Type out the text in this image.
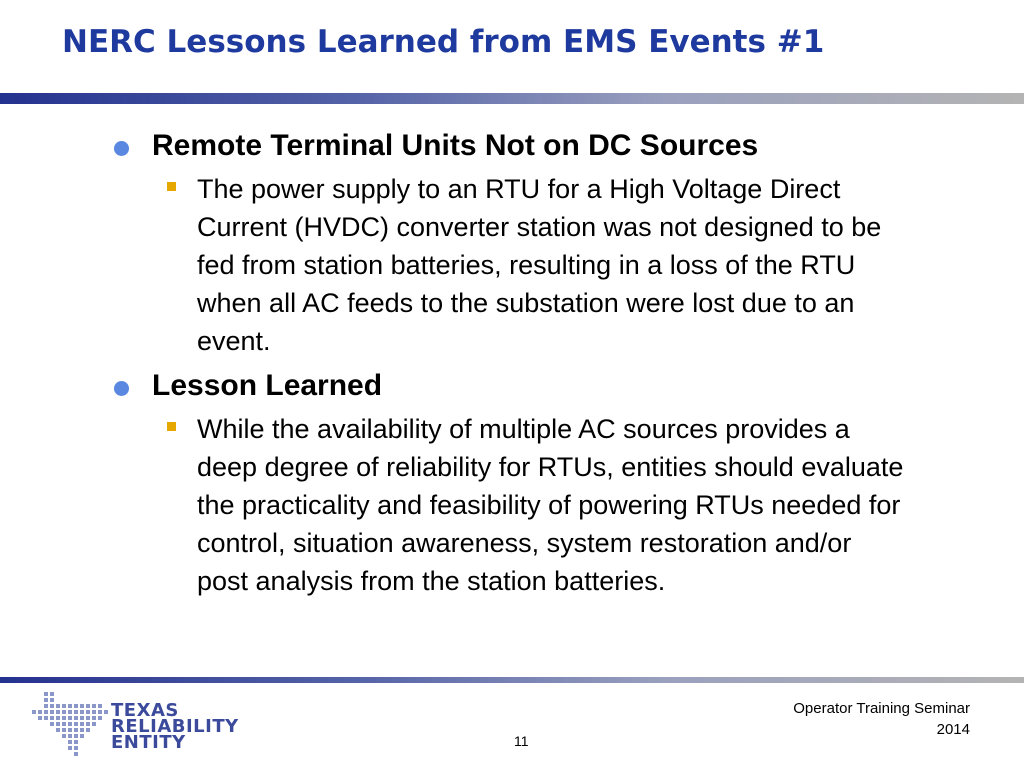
NERC Lessons Learned from EMS Events #1
Remote Terminal Units Not on DC Sources
The power supply to an RTU for a High Voltage Direct Current (HVDC) converter station was not designed to be fed from station batteries, resulting in a loss of the RTU when all AC feeds to the substation were lost due to an event.
Lesson Learned
While the availability of multiple AC sources provides a deep degree of reliability for RTUs, entities should evaluate the practicality and feasibility of powering RTUs needed for control, situation awareness, system restoration and/or post analysis from the station batteries.
TEXAS
RELIABILITY
ENTITY	11
Operator Training Seminar
2014
